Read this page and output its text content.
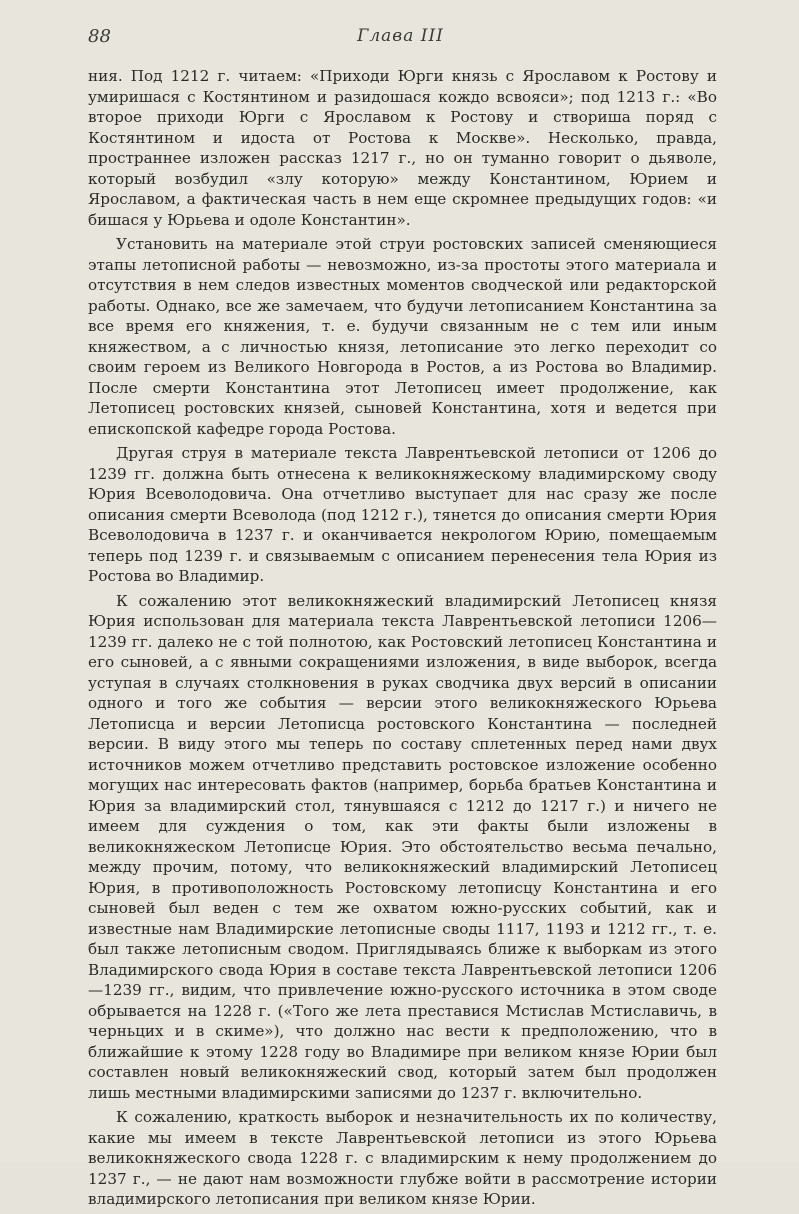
88	Глава III

ния. Под 1212 г. читаем: «Приходи Юрги князь с Ярославом к Ростову и умиришася с Костянтином и разидошася кождо всвояси»; под 1213 г.: «Во второе приходи Юрги с Ярославом к Ростову и створиша поряд с Костянтином и идоста от Ростова к Москве». Несколько, правда, пространнее изложен рассказ 1217 г., но он туманно говорит о дьяволе, который возбудил «злу которую» между Константином, Юрием и Ярославом, а фактическая часть в нем еще скромнее предыдущих годов: «и бишася у Юрьева и одоле Константин».

Установить на материале этой струи ростовских записей сменяющиеся этапы летописной работы — невозможно, из-за простоты этого материала и отсутствия в нем следов известных моментов сводческой или редакторской работы. Однако, все же замечаем, что будучи летописанием Константина за все время его княжения, т. е. будучи связанным не с тем или иным княжеством, а с личностью князя, летописание это легко переходит со своим героем из Великого Новгорода в Ростов, а из Ростова во Владимир. После смерти Константина этот Летописец имеет продолжение, как Летописец ростовских князей, сыновей Константина, хотя и ведется при епископской кафедре города Ростова.

Другая струя в материале текста Лаврентьевской летописи от 1206 до 1239 гг. должна быть отнесена к великокняжескому владимирскому своду Юрия Всеволодовича. Она отчетливо выступает для нас сразу же после описания смерти Всеволода (под 1212 г.), тянется до описания смерти Юрия Всеволодовича в 1237 г. и оканчивается некрологом Юрию, помещаемым теперь под 1239 г. и связываемым с описанием перенесения тела Юрия из Ростова во Владимир.

К сожалению этот великокняжеский владимирский Летописец князя Юрия использован для материала текста Лаврентьевской летописи 1206—1239 гг. далеко не с той полнотою, как Ростовский летописец Константина и его сыновей, а с явными сокращениями изложения, в виде выборок, всегда уступая в случаях столкновения в руках сводчика двух версий в описании одного и того же события — версии этого великокняжеского Юрьева Летописца и версии Летописца ростовского Константина — последней версии. В виду этого мы теперь по составу сплетенных перед нами двух источников можем отчетливо представить ростовское изложение особенно могущих нас интересовать фактов (например, борьба братьев Константина и Юрия за владимирский стол, тянувшаяся с 1212 до 1217 г.) и ничего не имеем для суждения о том, как эти факты были изложены в великокняжеском Летописце Юрия. Это обстоятельство весьма печально, между прочим, потому, что великокняжеский владимирский Летописец Юрия, в противоположность Ростовскому летописцу Константина и его сыновей был веден с тем же охватом южно-русских событий, как и известные нам Владимирские летописные своды 1117, 1193 и 1212 гг., т. е. был также летописным сводом. Приглядываясь ближе к выборкам из этого Владимирского свода Юрия в составе текста Лаврентьевской летописи 1206—1239 гг., видим, что привлечение южно-русского источника в этом своде обрывается на 1228 г. («Того же лета преставися Мстислав Мстиславичь, в черньцих и в скиме»), что должно нас вести к предположению, что в ближайшие к этому 1228 году во Владимире при великом князе Юрии был составлен новый великокняжеский свод, который затем был продолжен лишь местными владимирскими записями до 1237 г. включительно.

К сожалению, краткость выборок и незначительность их по количеству, какие мы имеем в тексте Лаврентьевской летописи из этого Юрьева великокняжеского свода 1228 г. с владимирским к нему продолжением до 1237 г., — не дают нам возможности глубже войти в рассмотрение истории владимирского летописания при великом князе Юрии.
